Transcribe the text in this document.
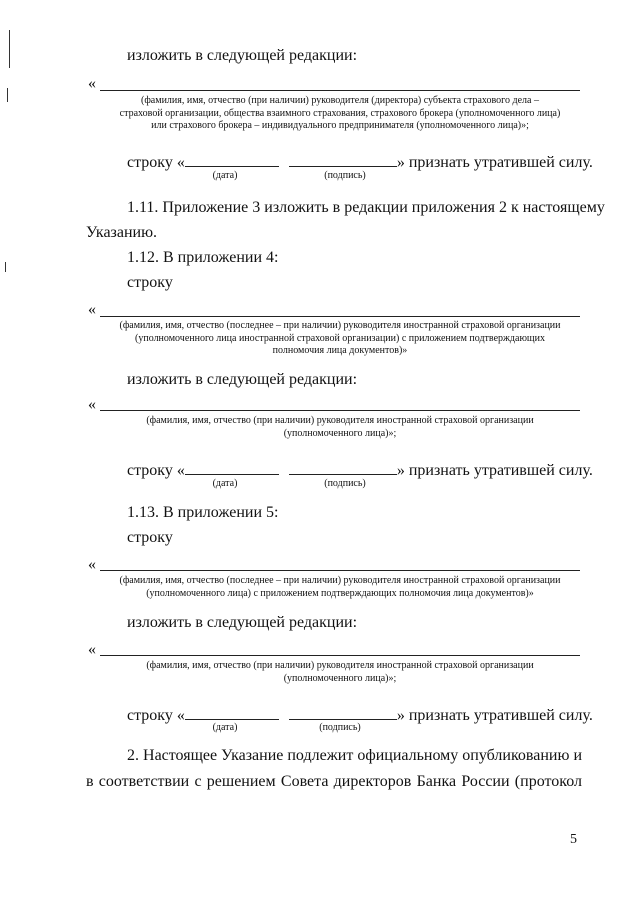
изложить в следующей редакции:
«
(фамилия, имя, отчество (при наличии) руководителя (директора) субъекта страхового дела –
страховой организации, общества взаимного страхования, страхового брокера (уполномоченного лица)
или страхового брокера – индивидуального предпринимателя (уполномоченного лица)»;
строку «	» признать утратившей силу.
(дата)	(подпись)
1.11. Приложение 3 изложить в редакции приложения 2 к настоящему
Указанию.
1.12. В приложении 4:
строку
«
(фамилия, имя, отчество (последнее – при наличии) руководителя иностранной страховой организации
(уполномоченного лица иностранной страховой организации) с приложением подтверждающих
полномочия лица документов)»
изложить в следующей редакции:
«
(фамилия, имя, отчество (при наличии) руководителя иностранной страховой организации
(уполномоченного лица)»;
строку «	» признать утратившей силу.
(дата)	(подпись)
1.13. В приложении 5:
строку
«
(фамилия, имя, отчество (последнее – при наличии) руководителя иностранной страховой организации
(уполномоченного лица) с приложением подтверждающих полномочия лица документов)»
изложить в следующей редакции:
«
(фамилия, имя, отчество (при наличии) руководителя иностранной страховой организации
(уполномоченного лица)»;
строку «	» признать утратившей силу.
(дата)	(подпись)
2. Настоящее Указание подлежит официальному опубликованию и
в соответствии с решением Совета директоров Банка России (протокол
5
